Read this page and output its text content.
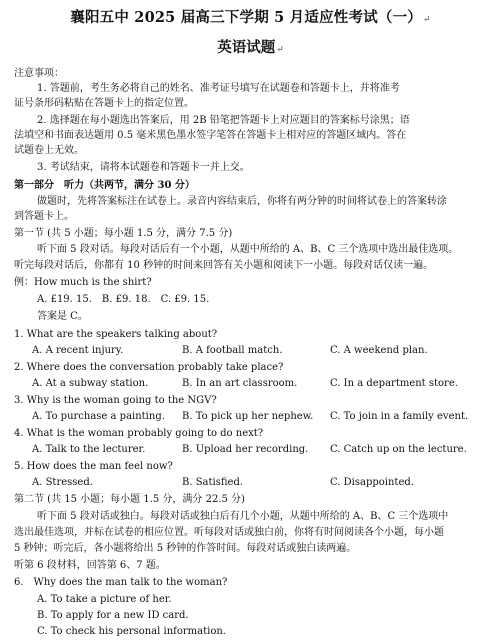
襄阳五中 2025 届高三下学期 5 月适应性考试（一）↵
英语试题↵
注意事项：
1. 答题前，考生务必将自己的姓名、准考证号填写在试题卷和答题卡上，并将准考
证号条形码粘贴在答题卡上的指定位置。
2. 选择题在每小题选出答案后，用 2B 铅笔把答题卡上对应题目的答案标号涂黑；语
法填空和书面表达题用 0.5 毫米黑色墨水签字笔答在答题卡上相对应的答题区域内。答在
试题卷上无效。
3. 考试结束，请将本试题卷和答题卡一并上交。
第一部分　听力（共两节，满分 30 分）
做题时，先将答案标注在试卷上。录音内容结束后，你将有两分钟的时间将试卷上的答案转涂
到答题卡上。
第一节 (共 5 小题；每小题 1.5 分，满分 7.5 分)
听下面 5 段对话。每段对话后有一个小题，从题中所给的 A、B、C 三个选项中选出最佳选项。
听完每段对话后，你都有 10 秒钟的时间来回答有关小题和阅读下一小题。每段对话仅读一遍。
例：How much is the shirt?
A. £19. 15.　B. £9. 18.　C. £9. 15.
答案是 C。
1. What are the speakers talking about?
A. A recent injury.	B. A football match.	C. A weekend plan.
2. Where does the conversation probably take place?
A. At a subway station.	B. In an art classroom.	C. In a department store.
3. Why is the woman going to the NGV?
A. To purchase a painting. B. To pick up her nephew. C. To join in a family event.
4. What is the woman probably going to do next?
A. Talk to the lecturer.	B. Upload her recording. C. Catch up on the lecture.
5. How does the man feel now?
A. Stressed.	B. Satisfied.	C. Disappointed.
第二节 (共 15 小题；每小题 1.5 分，满分 22.5 分)
听下面 5 段对话或独白。每段对话或独白后有几个小题，从题中所给的 A、B、C 三个选项中
选出最佳选项，并标在试卷的相应位置。听每段对话或独白前，你将有时间阅读各个小题，每小题
5 秒钟；听完后，各小题将给出 5 秒钟的作答时间。每段对话或独白读两遍。
听第 6 段材料，回答第 6、7 题。
6.　Why does the man talk to the woman?
A. To take a picture of her.
B. To apply for a new ID card.
C. To check his personal information.
